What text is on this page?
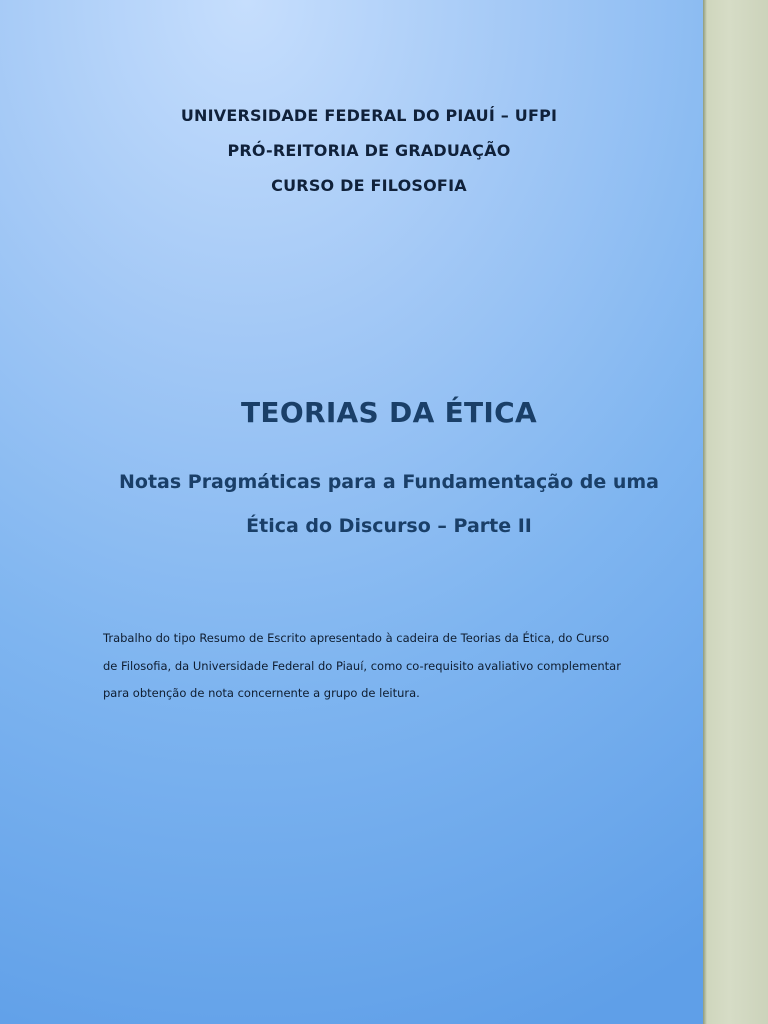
UNIVERSIDADE FEDERAL DO PIAUÍ – UFPI
PRÓ-REITORIA DE GRADUAÇÃO
CURSO DE FILOSOFIA
TEORIAS DA ÉTICA
Notas Pragmáticas para a Fundamentação de uma
Ética do Discurso – Parte II
Trabalho do tipo Resumo de Escrito apresentado à cadeira de Teorias da Ética, do Curso
de Filosofia, da Universidade Federal do Piauí, como co-requisito avaliativo complementar
para obtenção de nota concernente a grupo de leitura.
